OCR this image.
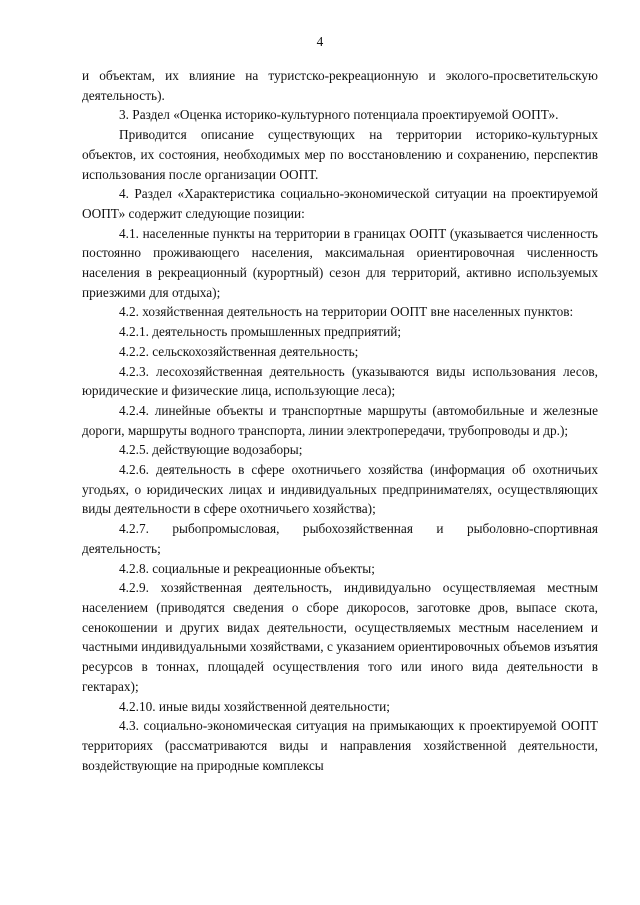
4

и объектам, их влияние на туристско-рекреационную и эколого-просветительскую деятельность).

3. Раздел «Оценка историко-культурного потенциала проектируемой ООПТ».

Приводится описание существующих на территории историко-культурных объектов, их состояния, необходимых мер по восстановлению и сохранению, перспектив использования после организации ООПТ.

4. Раздел «Характеристика социально-экономической ситуации на проектируемой ООПТ» содержит следующие позиции:

4.1. населенные пункты на территории в границах ООПТ (указывается численность постоянно проживающего населения, максимальная ориентировочная численность населения в рекреационный (курортный) сезон для территорий, активно используемых приезжими для отдыха);

4.2. хозяйственная деятельность на территории ООПТ вне населенных пунктов:

4.2.1. деятельность промышленных предприятий;

4.2.2. сельскохозяйственная деятельность;

4.2.3. лесохозяйственная деятельность (указываются виды использования лесов, юридические и физические лица, использующие леса);

4.2.4. линейные объекты и транспортные маршруты (автомобильные и железные дороги, маршруты водного транспорта, линии электропередачи, трубопроводы и др.);

4.2.5. действующие водозаборы;

4.2.6. деятельность в сфере охотничьего хозяйства (информация об охотничьих угодьях, о юридических лицах и индивидуальных предпринимателях, осуществляющих виды деятельности в сфере охотничьего хозяйства);

4.2.7. рыбопромысловая, рыбохозяйственная и рыболовно-спортивная деятельность;

4.2.8. социальные и рекреационные объекты;

4.2.9. хозяйственная деятельность, индивидуально осуществляемая местным населением (приводятся сведения о сборе дикоросов, заготовке дров, выпасе скота, сенокошении и других видах деятельности, осуществляемых местным населением и частными индивидуальными хозяйствами, с указанием ориентировочных объемов изъятия ресурсов в тоннах, площадей осуществления того или иного вида деятельности в гектарах);

4.2.10. иные виды хозяйственной деятельности;

4.3. социально-экономическая ситуация на примыкающих к проектируемой ООПТ территориях (рассматриваются виды и направления хозяйственной деятельности, воздействующие на природные комплексы
